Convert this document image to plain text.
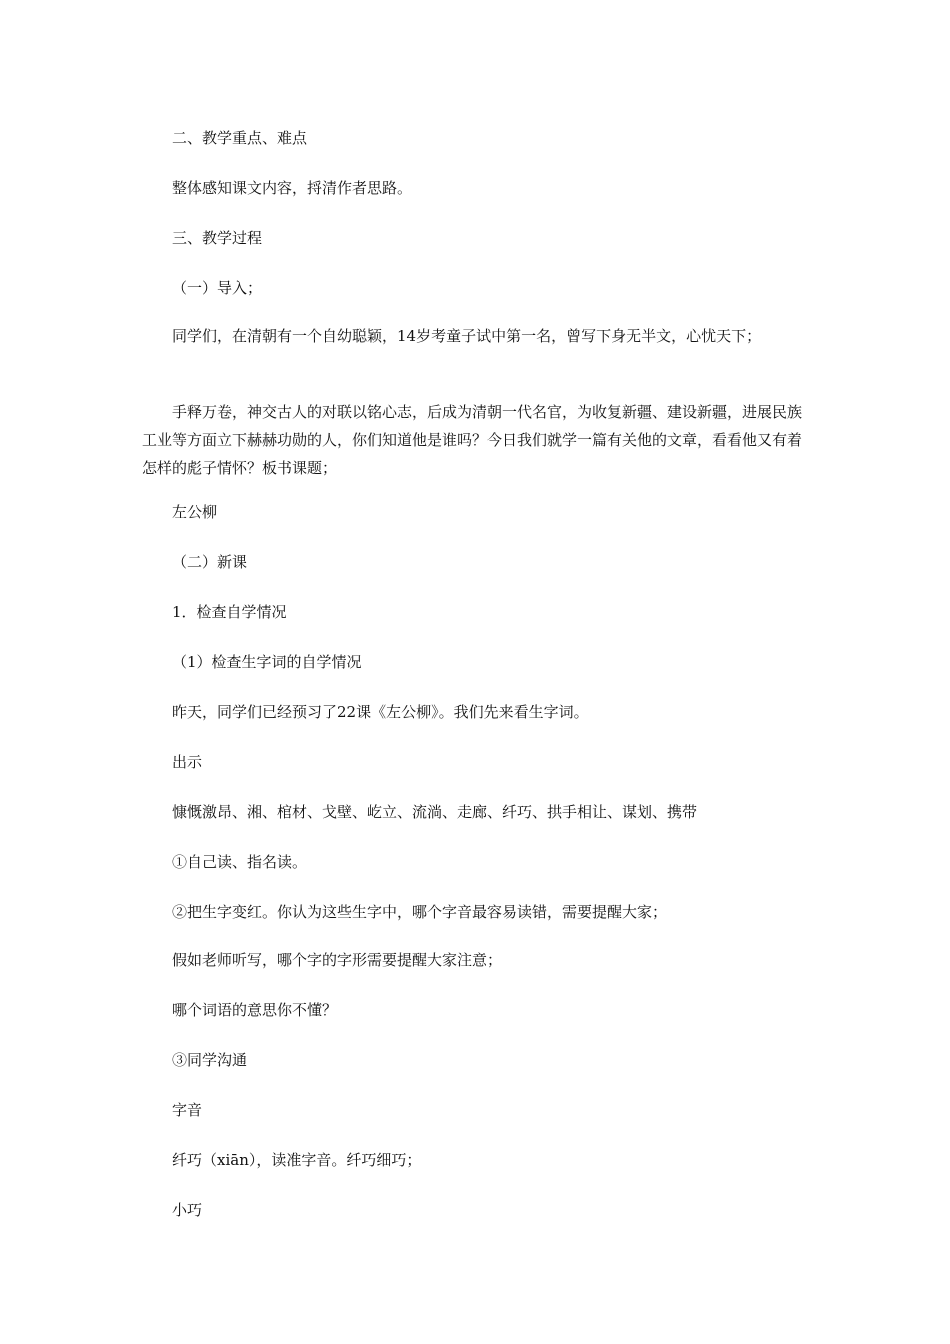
二、教学重点、难点

整体感知课文内容，捋清作者思路。

三、教学过程

（一）导入；

同学们，在清朝有一个自幼聪颖，14岁考童子试中第一名，曾写下身无半文，心忧天下；

手释万卷，神交古人的对联以铭心志，后成为清朝一代名官，为收复新疆、建设新疆，进展民族工业等方面立下赫赫功勋的人，你们知道他是谁吗？今日我们就学一篇有关他的文章，看看他又有着怎样的彪子情怀？板书课题；

左公柳

（二）新课

1．检查自学情况

（1）检查生字词的自学情况

昨天，同学们已经预习了22课《左公柳》。我们先来看生字词。

出示

慷慨激昂、湘、棺材、戈壁、屹立、流淌、走廊、纤巧、拱手相让、谋划、携带

①自己读、指名读。

②把生字变红。你认为这些生字中，哪个字音最容易读错，需要提醒大家；

假如老师听写，哪个字的字形需要提醒大家注意；

哪个词语的意思你不懂？

③同学沟通

字音

纤巧（xiān），读准字音。纤巧细巧；

小巧
